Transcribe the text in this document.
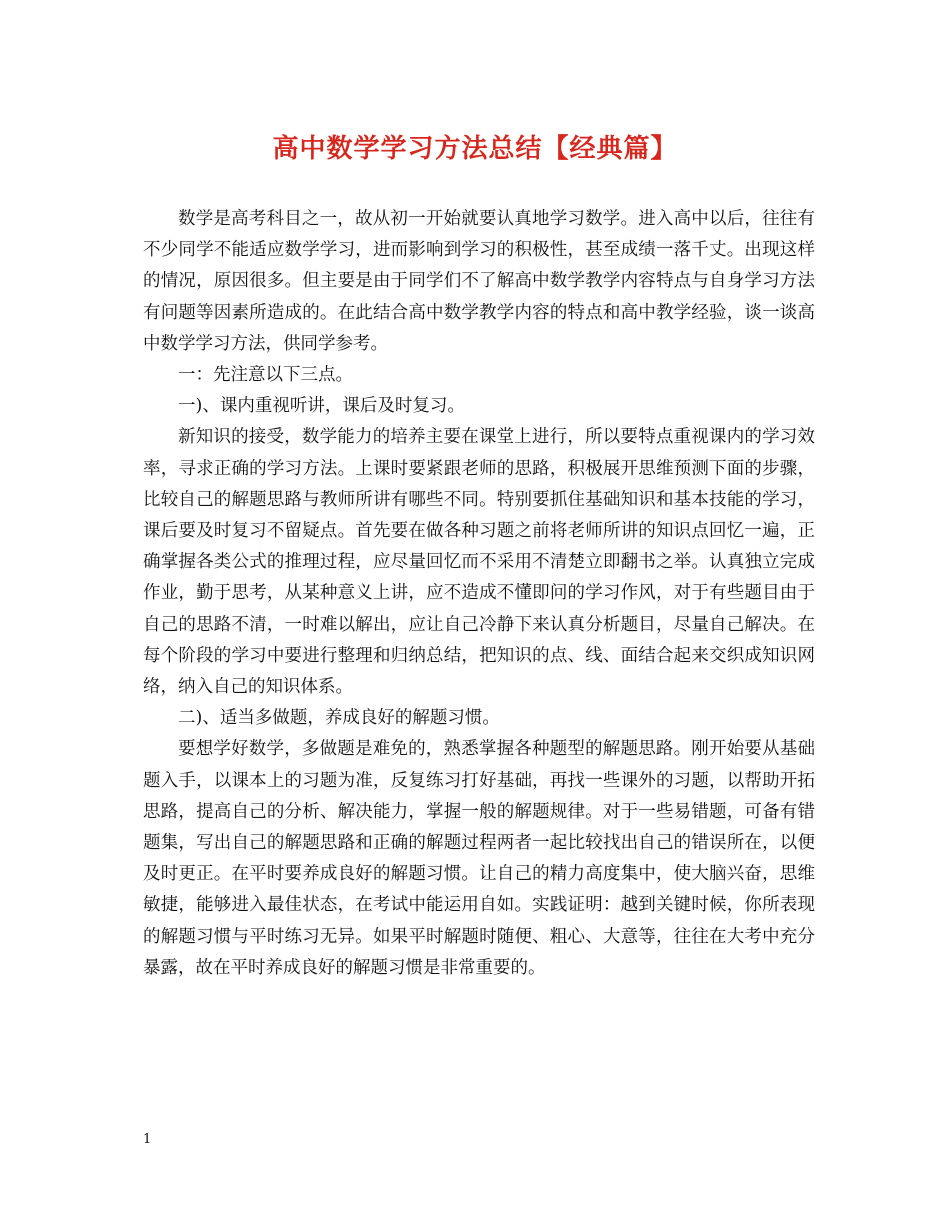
高中数学学习方法总结【经典篇】

数学是高考科目之一，故从初一开始就要认真地学习数学。进入高中以后，往往有不少同学不能适应数学学习，进而影响到学习的积极性，甚至成绩一落千丈。出现这样的情况，原因很多。但主要是由于同学们不了解高中数学教学内容特点与自身学习方法有问题等因素所造成的。在此结合高中数学教学内容的特点和高中教学经验，谈一谈高中数学学习方法，供同学参考。

一：先注意以下三点。

一)、课内重视听讲，课后及时复习。

新知识的接受，数学能力的培养主要在课堂上进行，所以要特点重视课内的学习效率，寻求正确的学习方法。上课时要紧跟老师的思路，积极展开思维预测下面的步骤，比较自己的解题思路与教师所讲有哪些不同。特别要抓住基础知识和基本技能的学习，课后要及时复习不留疑点。首先要在做各种习题之前将老师所讲的知识点回忆一遍，正确掌握各类公式的推理过程，应尽量回忆而不采用不清楚立即翻书之举。认真独立完成作业，勤于思考，从某种意义上讲，应不造成不懂即问的学习作风，对于有些题目由于自己的思路不清，一时难以解出，应让自己冷静下来认真分析题目，尽量自己解决。在每个阶段的学习中要进行整理和归纳总结，把知识的点、线、面结合起来交织成知识网络，纳入自己的知识体系。

二)、适当多做题，养成良好的解题习惯。

要想学好数学，多做题是难免的，熟悉掌握各种题型的解题思路。刚开始要从基础题入手，以课本上的习题为准，反复练习打好基础，再找一些课外的习题，以帮助开拓思路，提高自己的分析、解决能力，掌握一般的解题规律。对于一些易错题，可备有错题集，写出自己的解题思路和正确的解题过程两者一起比较找出自己的错误所在，以便及时更正。在平时要养成良好的解题习惯。让自己的精力高度集中，使大脑兴奋，思维敏捷，能够进入最佳状态，在考试中能运用自如。实践证明：越到关键时候，你所表现的解题习惯与平时练习无异。如果平时解题时随便、粗心、大意等，往往在大考中充分暴露，故在平时养成良好的解题习惯是非常重要的。

1
